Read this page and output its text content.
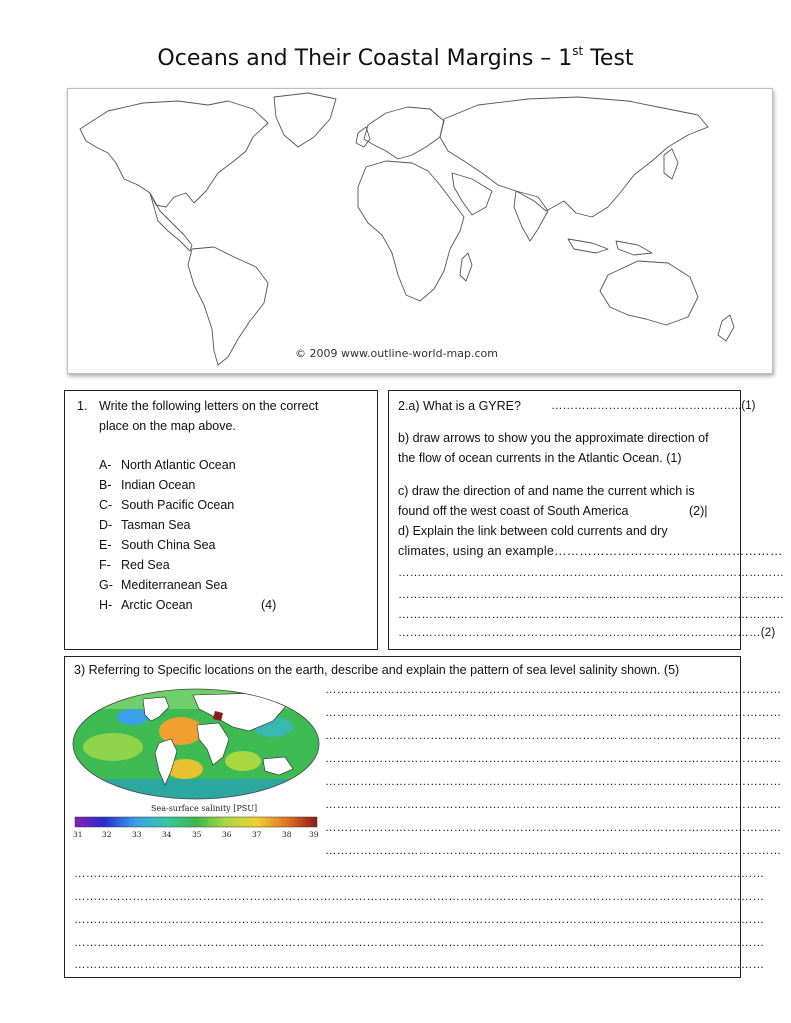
Oceans and Their Coastal Margins – 1st Test
© 2009 www.outline-world-map.com
1. Write the following letters on the correct
place on the map above.
A- North Atlantic Ocean
B- Indian Ocean
C- South Pacific Ocean
D- Tasman Sea
E- South China Sea
F- Red Sea
G- Mediterranean Sea
H- Arctic Ocean	(4)
2.a) What is a GYRE?	…………………………………………..(1)
b) draw arrows to show you the approximate direction of
the flow of ocean currents in the Atlantic Ocean. (1)
c) draw the direction of and name the current which is
found off the west coast of South America	(2)|
d) Explain the link between cold currents and dry
climates, using an example………………………………………………
………………………………………………………………………………………
………………………………………………………………………………………
………………………………………………………………………………………
…………………………………………………………………………………(2)
3) Referring to Specific locations on the earth, describe and explain the pattern of sea level salinity shown. (5)
Sea-surface salinity [PSU]
31	32	33	34	35	36	37	38 39
………………………………………………………………………………………………………
………………………………………………………………………………………………………
………………………………………………………………………………………………………
………………………………………………………………………………………………………
………………………………………………………………………………………………………
………………………………………………………………………………………………………
………………………………………………………………………………………………………
………………………………………………………………………………………………………
……………………………………………………………………………………………………………………………………………………………
……………………………………………………………………………………………………………………………………………………………
……………………………………………………………………………………………………………………………………………………………
……………………………………………………………………………………………………………………………………………………………
……………………………………………………………………………………………………………………………………………………………
